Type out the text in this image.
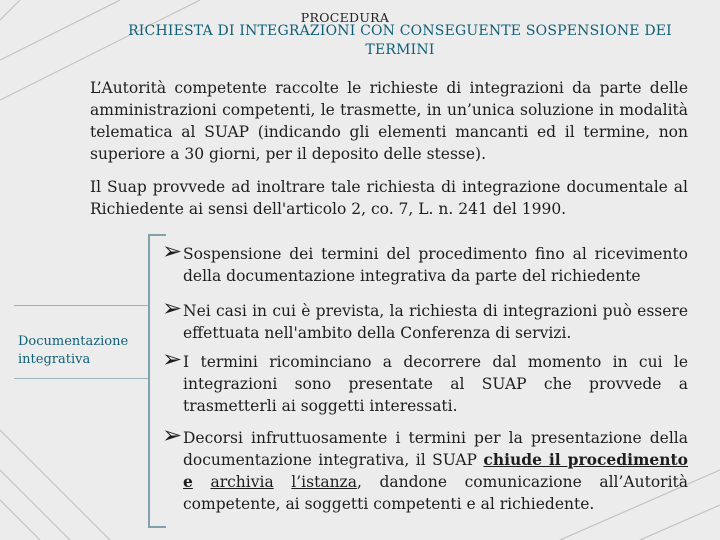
PROCEDURA
RICHIESTA DI INTEGRAZIONI CON CONSEGUENTE SOSPENSIONE DEI TERMINI
L’Autorità competente raccolte le richieste di integrazioni da parte delle amministrazioni competenti, le trasmette, in un’unica soluzione in modalità telematica al SUAP (indicando gli elementi mancanti ed il termine, non superiore a 30 giorni, per il deposito delle stesse).
Il Suap provvede ad inoltrare tale richiesta di integrazione documentale al Richiedente ai sensi dell'articolo 2, co. 7, L. n. 241 del 1990.
Documentazione integrativa
➢ Sospensione dei termini del procedimento fino al ricevimento della documentazione integrativa da parte del richiedente
➢ Nei casi in cui è prevista, la richiesta di integrazioni può essere effettuata nell'ambito della Conferenza di servizi.
➢ I termini ricominciano a decorrere dal momento in cui le integrazioni sono presentate al SUAP che provvede a trasmetterli ai soggetti interessati.
➢ Decorsi infruttuosamente i termini per la presentazione della documentazione integrativa, il SUAP chiude il procedimento e archivia l’istanza, dandone comunicazione all’Autorità competente, ai soggetti competenti e al richiedente.
